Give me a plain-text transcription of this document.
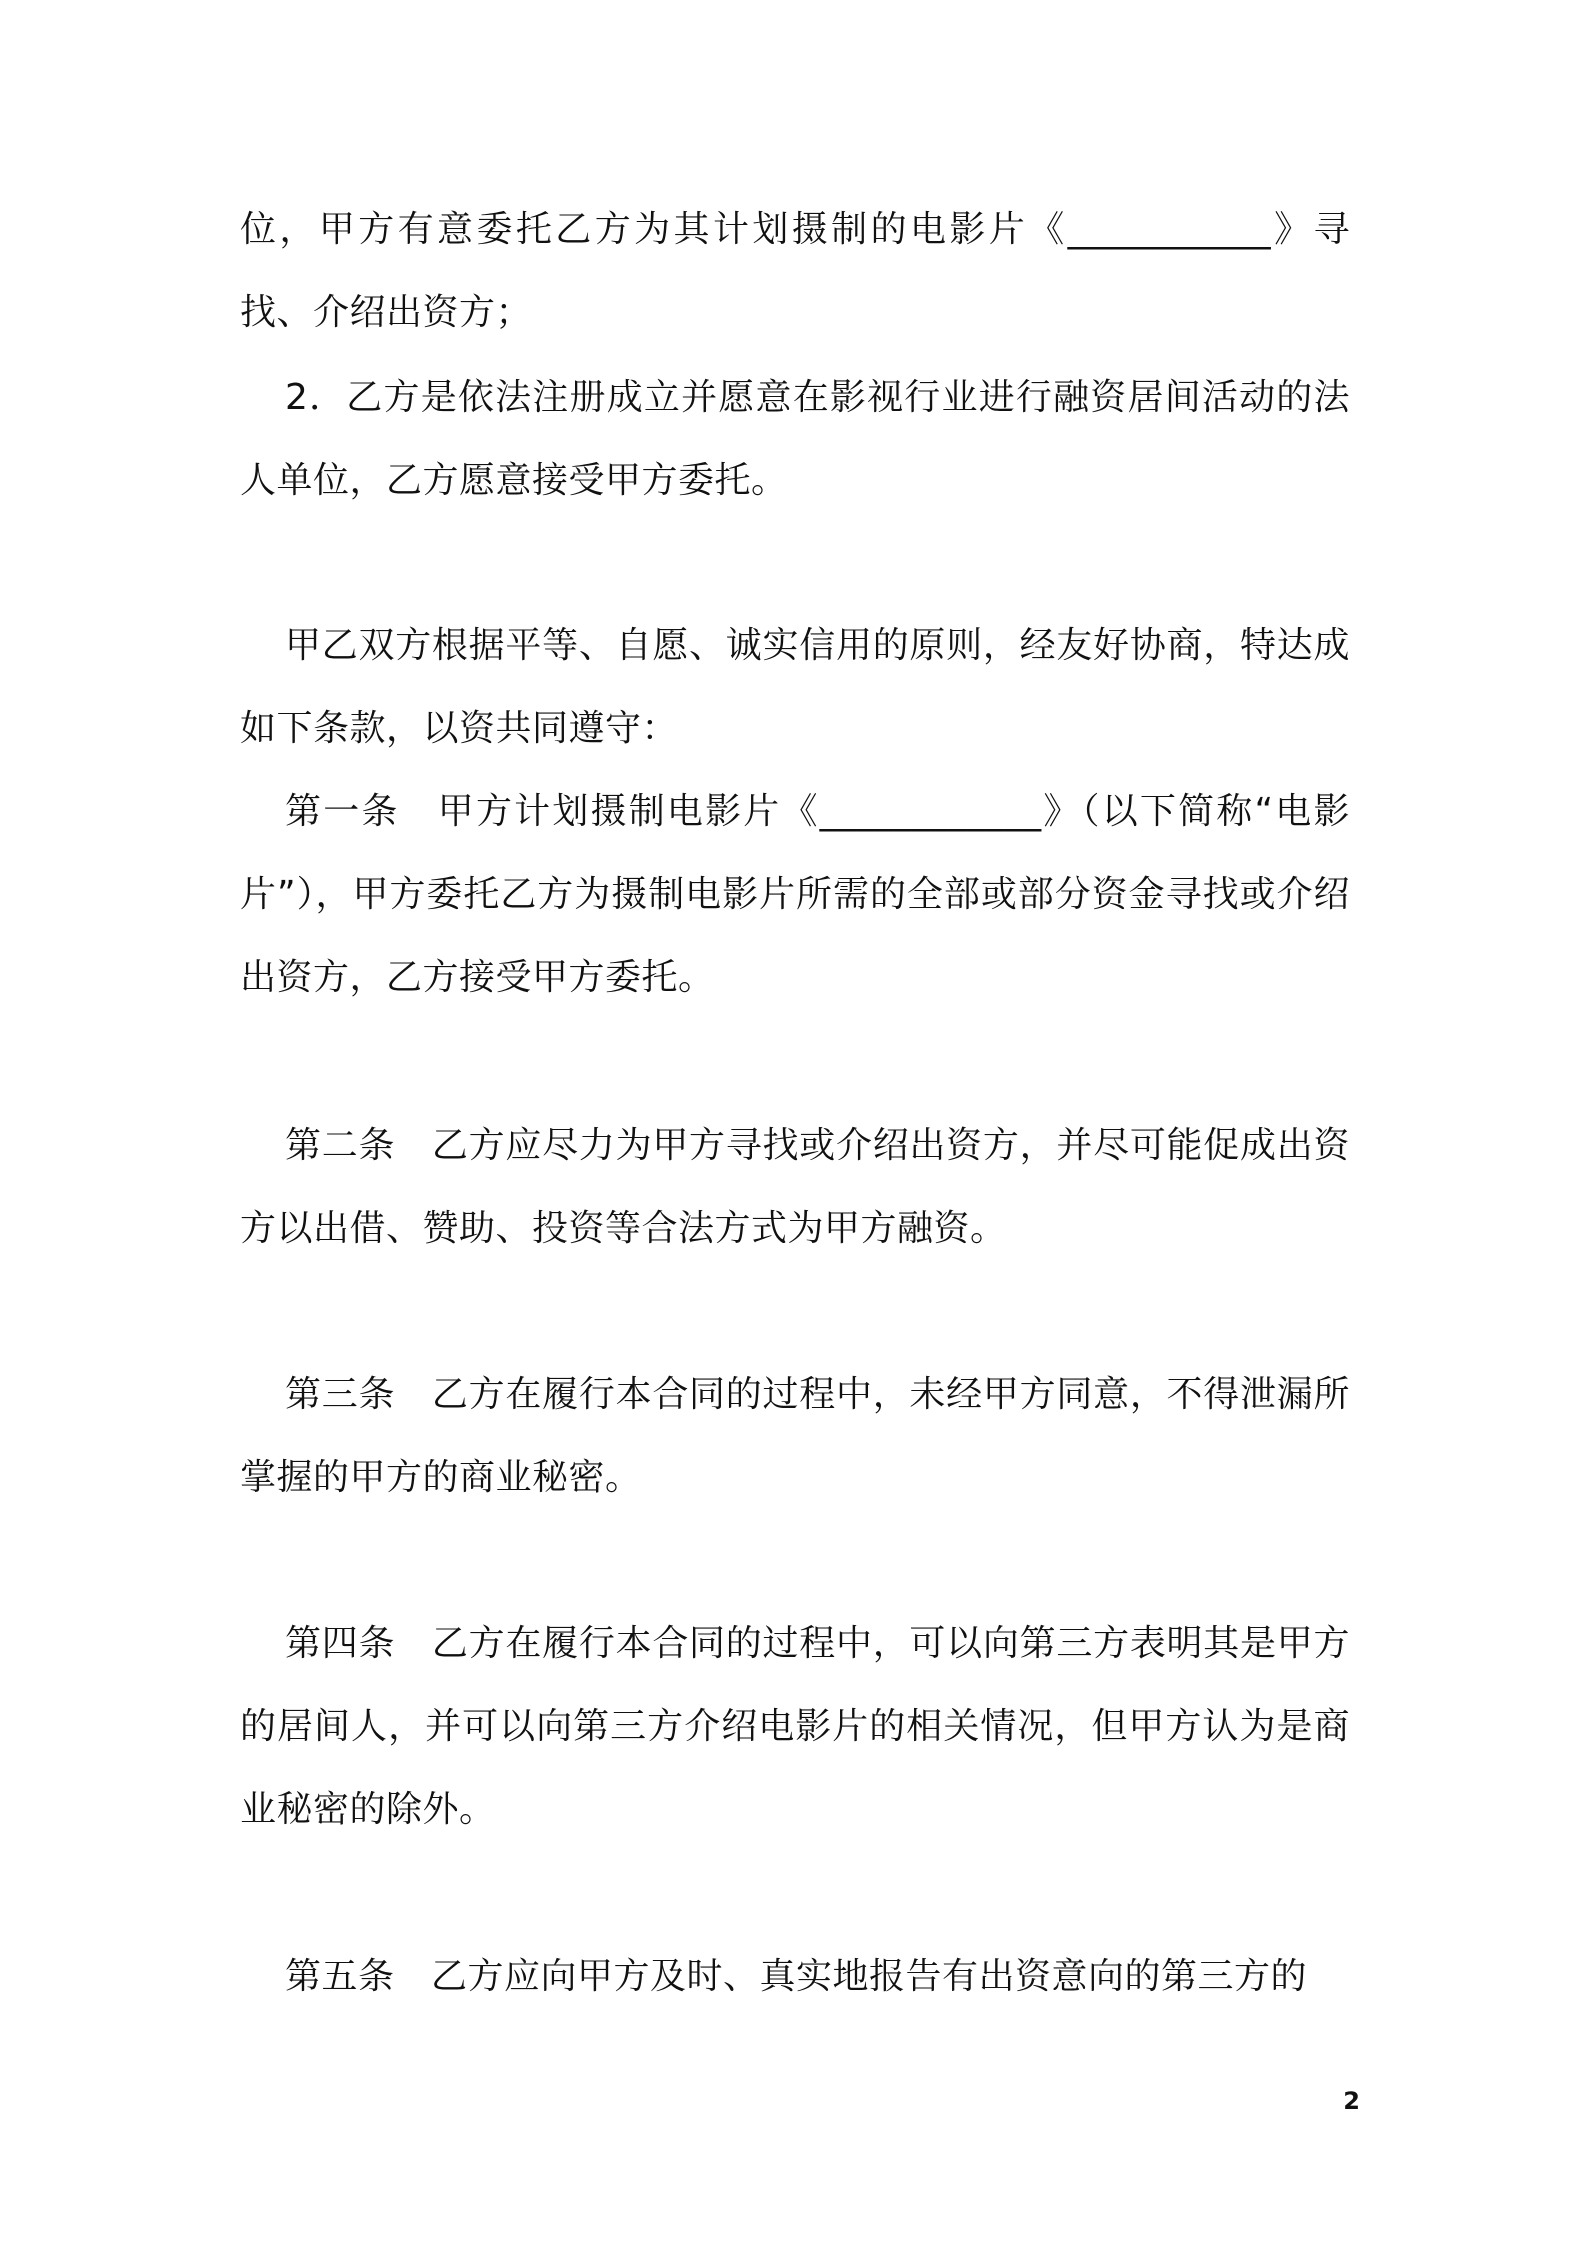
位，甲方有意委托乙方为其计划摄制的电影片《___________》寻找、介绍出资方；

2．乙方是依法注册成立并愿意在影视行业进行融资居间活动的法人单位，乙方愿意接受甲方委托。

甲乙双方根据平等、自愿、诚实信用的原则，经友好协商，特达成如下条款，以资共同遵守：

第一条　甲方计划摄制电影片《____________》（以下简称“电影片”），甲方委托乙方为摄制电影片所需的全部或部分资金寻找或介绍出资方，乙方接受甲方委托。

第二条　乙方应尽力为甲方寻找或介绍出资方，并尽可能促成出资方以出借、赞助、投资等合法方式为甲方融资。

第三条　乙方在履行本合同的过程中，未经甲方同意，不得泄漏所掌握的甲方的商业秘密。

第四条　乙方在履行本合同的过程中，可以向第三方表明其是甲方的居间人，并可以向第三方介绍电影片的相关情况，但甲方认为是商业秘密的除外。

第五条　乙方应向甲方及时、真实地报告有出资意向的第三方的

2
